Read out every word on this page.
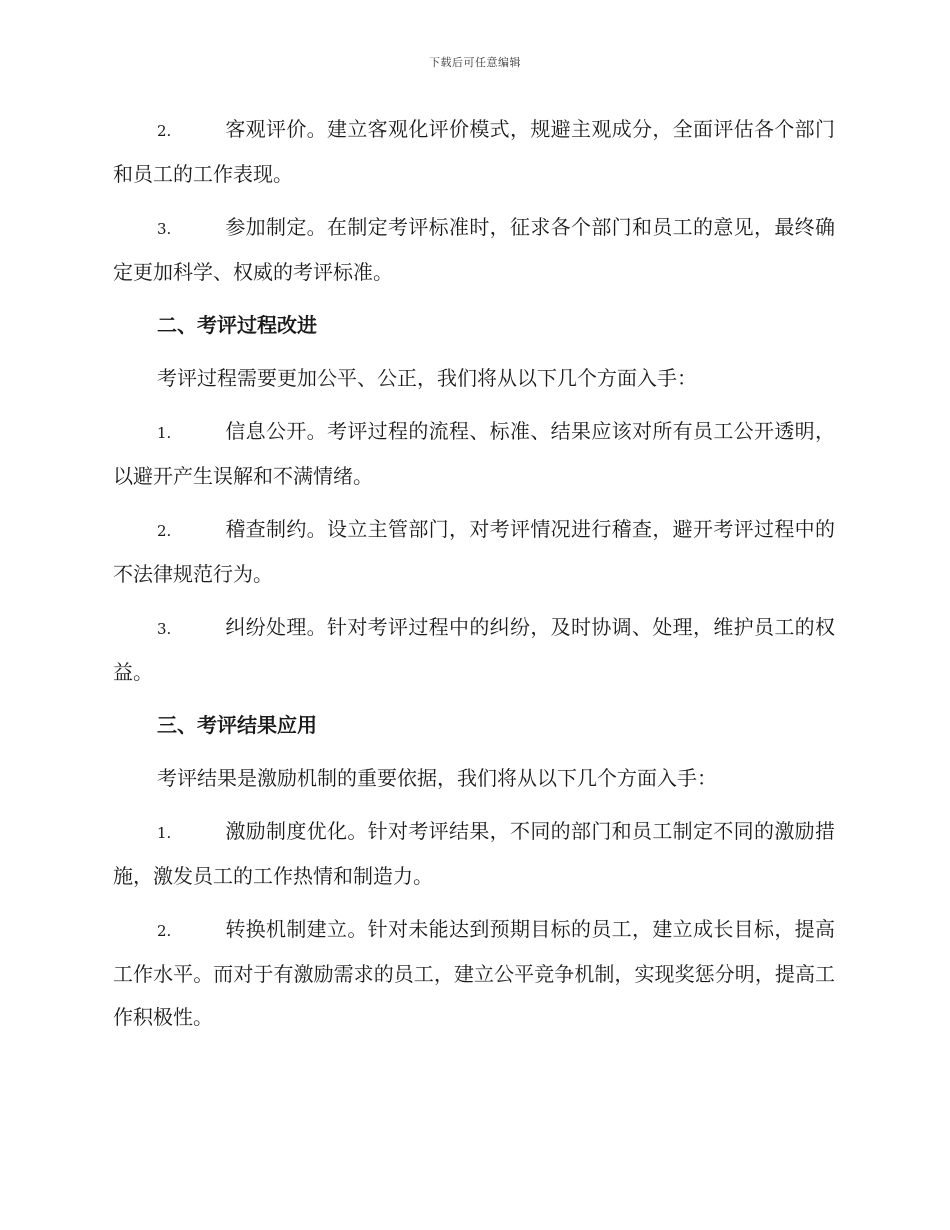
下载后可任意编辑

2.	客观评价。建立客观化评价模式，规避主观成分，全面评估各个部门和员工的工作表现。

3.	参加制定。在制定考评标准时，征求各个部门和员工的意见，最终确定更加科学、权威的考评标准。

二、考评过程改进

考评过程需要更加公平、公正，我们将从以下几个方面入手：

1.	信息公开。考评过程的流程、标准、结果应该对所有员工公开透明，以避开产生误解和不满情绪。

2.	稽查制约。设立主管部门，对考评情况进行稽查，避开考评过程中的不法律规范行为。

3.	纠纷处理。针对考评过程中的纠纷，及时协调、处理，维护员工的权益。

三、考评结果应用

考评结果是激励机制的重要依据，我们将从以下几个方面入手：

1.	激励制度优化。针对考评结果，不同的部门和员工制定不同的激励措施，激发员工的工作热情和制造力。

2.	转换机制建立。针对未能达到预期目标的员工，建立成长目标，提高工作水平。而对于有激励需求的员工，建立公平竞争机制，实现奖惩分明，提高工作积极性。
